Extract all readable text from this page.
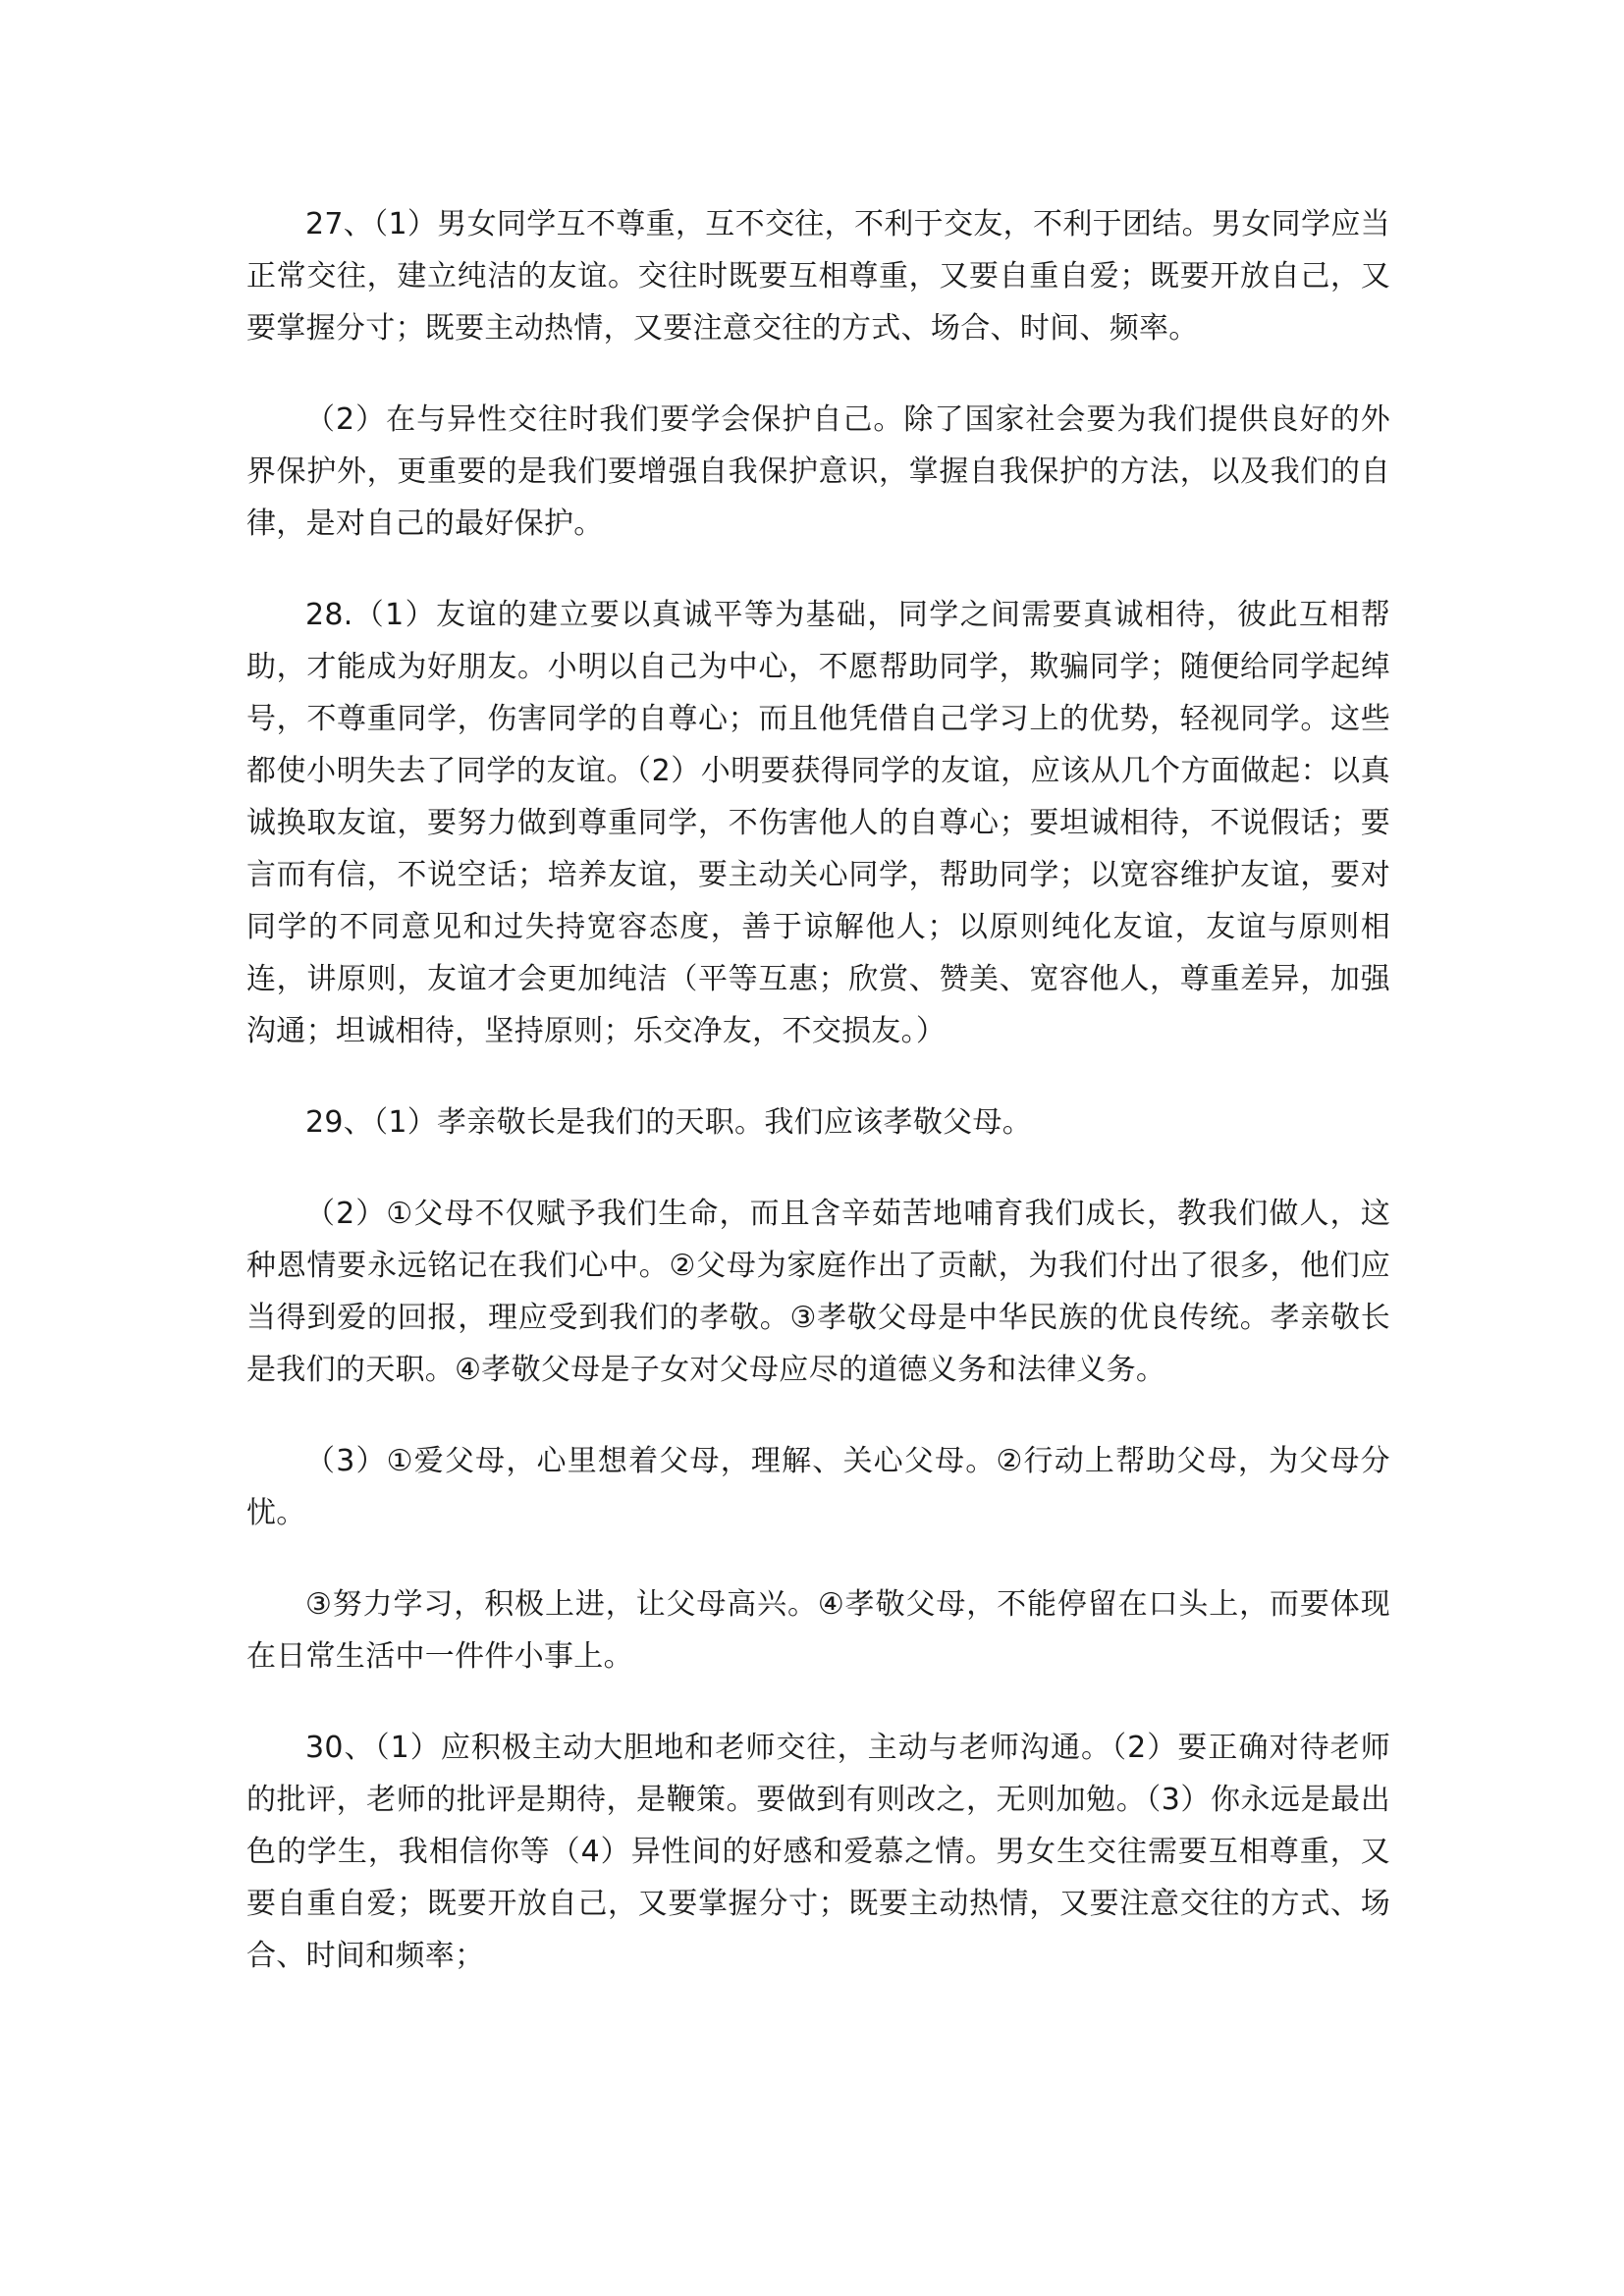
27、（1）男女同学互不尊重，互不交往，不利于交友，不利于团结。男女同学应当正常交往，建立纯洁的友谊。交往时既要互相尊重，又要自重自爱；既要开放自己，又要掌握分寸；既要主动热情，又要注意交往的方式、场合、时间、频率。

（2）在与异性交往时我们要学会保护自己。除了国家社会要为我们提供良好的外界保护外，更重要的是我们要增强自我保护意识，掌握自我保护的方法，以及我们的自律，是对自己的最好保护。

28.（1）友谊的建立要以真诚平等为基础，同学之间需要真诚相待，彼此互相帮助，才能成为好朋友。小明以自己为中心，不愿帮助同学，欺骗同学；随便给同学起绰号，不尊重同学，伤害同学的自尊心；而且他凭借自己学习上的优势，轻视同学。这些都使小明失去了同学的友谊。（2）小明要获得同学的友谊，应该从几个方面做起：以真诚换取友谊，要努力做到尊重同学，不伤害他人的自尊心；要坦诚相待，不说假话；要言而有信，不说空话；培养友谊，要主动关心同学，帮助同学；以宽容维护友谊，要对同学的不同意见和过失持宽容态度，善于谅解他人；以原则纯化友谊，友谊与原则相连，讲原则，友谊才会更加纯洁（平等互惠；欣赏、赞美、宽容他人，尊重差异，加强沟通；坦诚相待，坚持原则；乐交净友，不交损友。）

29、（1）孝亲敬长是我们的天职。我们应该孝敬父母。

（2）①父母不仅赋予我们生命，而且含辛茹苦地哺育我们成长，教我们做人，这种恩情要永远铭记在我们心中。②父母为家庭作出了贡献，为我们付出了很多，他们应当得到爱的回报，理应受到我们的孝敬。③孝敬父母是中华民族的优良传统。孝亲敬长是我们的天职。④孝敬父母是子女对父母应尽的道德义务和法律义务。

（3）①爱父母，心里想着父母，理解、关心父母。②行动上帮助父母，为父母分忧。

③努力学习，积极上进，让父母高兴。④孝敬父母，不能停留在口头上，而要体现在日常生活中一件件小事上。

30、（1）应积极主动大胆地和老师交往，主动与老师沟通。（2）要正确对待老师的批评，老师的批评是期待，是鞭策。要做到有则改之，无则加勉。（3）你永远是最出色的学生，我相信你等（4）异性间的好感和爱慕之情。男女生交往需要互相尊重，又要自重自爱；既要开放自己，又要掌握分寸；既要主动热情，又要注意交往的方式、场合、时间和频率；
